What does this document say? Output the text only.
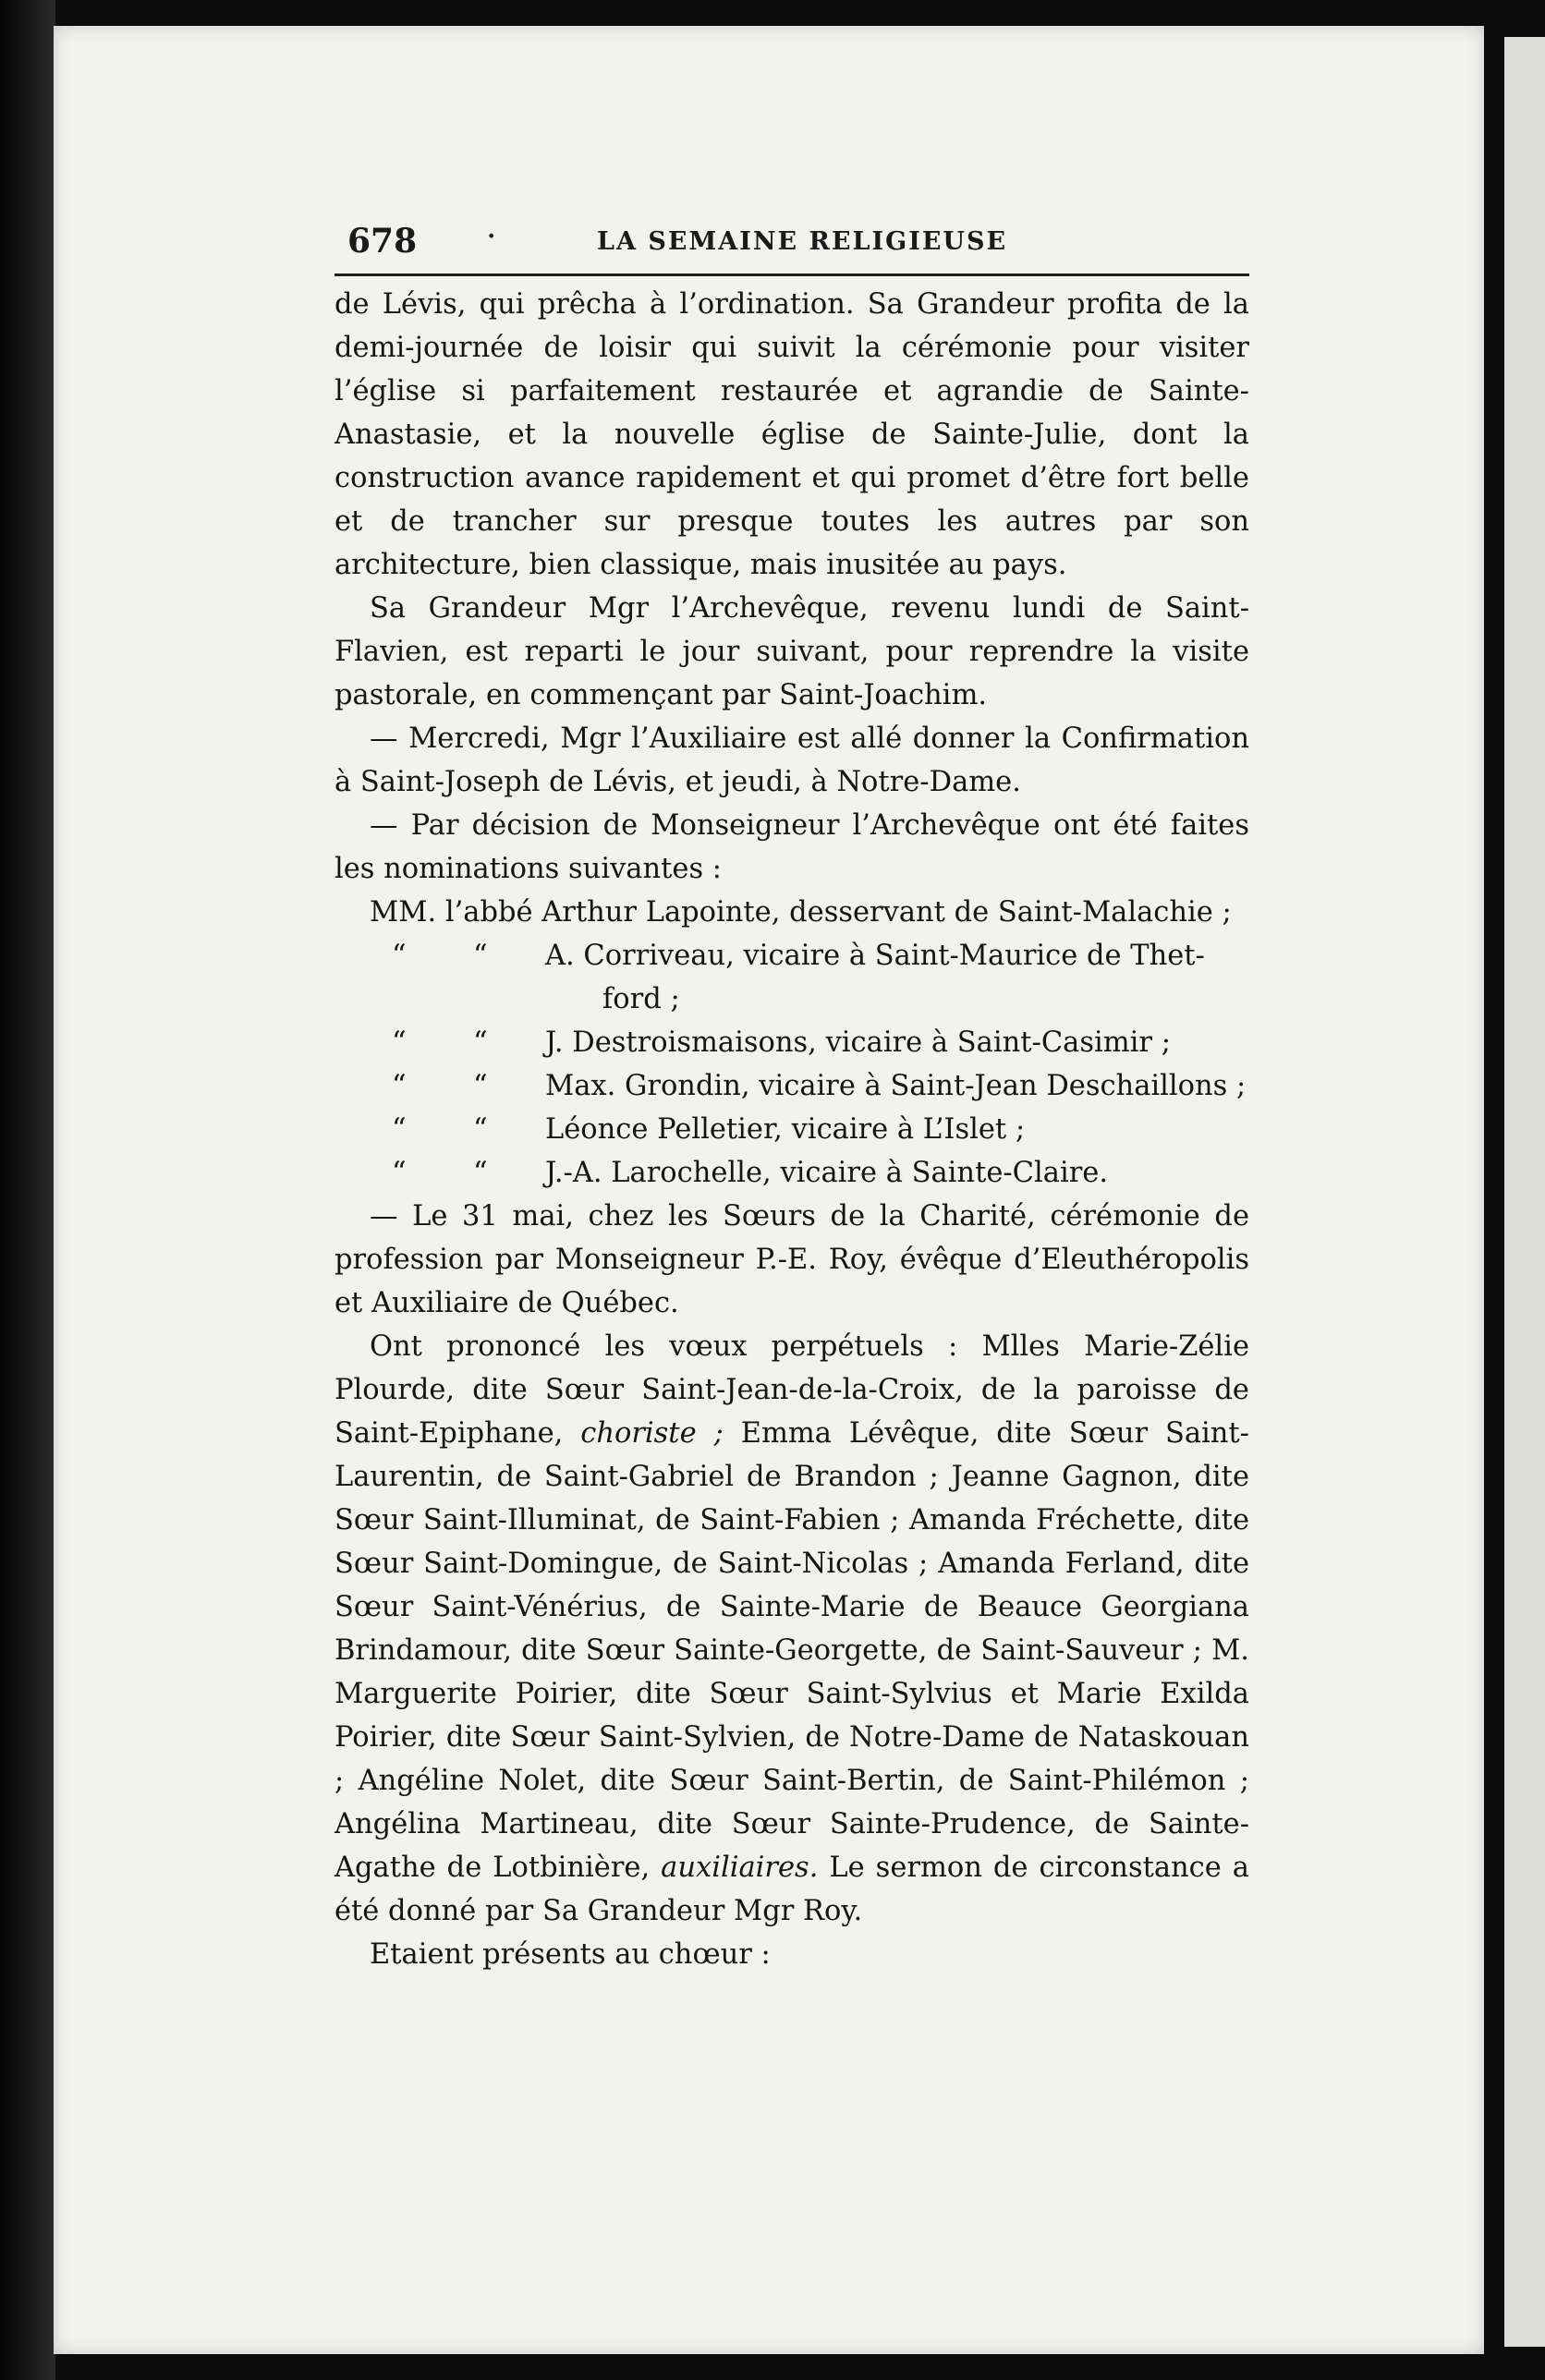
678 ·	LA SEMAINE RELIGIEUSE

de Lévis, qui prêcha à l’ordination. Sa Grandeur profita de la demi-journée de loisir qui suivit la cérémonie pour visiter l’église si parfaitement restaurée et agrandie de Sainte-Anastasie, et la nouvelle église de Sainte-Julie, dont la construction avance rapidement et qui promet d’être fort belle et de trancher sur presque toutes les autres par son architecture, bien classique, mais inusitée au pays.

Sa Grandeur Mgr l’Archevêque, revenu lundi de Saint-Flavien, est reparti le jour suivant, pour reprendre la visite pastorale, en commençant par Saint-Joachim.

— Mercredi, Mgr l’Auxiliaire est allé donner la Confirmation à Saint-Joseph de Lévis, et jeudi, à Notre-Dame.

— Par décision de Monseigneur l’Archevêque ont été faites les nominations suivantes :

MM. l’abbé Arthur Lapointe, desservant de Saint-Malachie ;
“ “ A. Corriveau, vicaire à Saint-Maurice de Thet-
ford ;
“ “ J. Destroismaisons, vicaire à Saint-Casimir ;
“ “ Max. Grondin, vicaire à Saint-Jean Deschaillons ;
“ “ Léonce Pelletier, vicaire à L’Islet ;
“ “ J.-A. Larochelle, vicaire à Sainte-Claire.

— Le 31 mai, chez les Sœurs de la Charité, cérémonie de profession par Monseigneur P.-E. Roy, évêque d’Eleuthéropolis et Auxiliaire de Québec.

Ont prononcé les vœux perpétuels : Mlles Marie-Zélie Plourde, dite Sœur Saint-Jean-de-la-Croix, de la paroisse de Saint-Epiphane, choriste ; Emma Lévêque, dite Sœur Saint-Laurentin, de Saint-Gabriel de Brandon ; Jeanne Gagnon, dite Sœur Saint-Illuminat, de Saint-Fabien ; Amanda Fréchette, dite Sœur Saint-Domingue, de Saint-Nicolas ; Amanda Ferland, dite Sœur Saint-Vénérius, de Sainte-Marie de Beauce Georgiana Brindamour, dite Sœur Sainte-Georgette, de Saint-Sauveur ; M. Marguerite Poirier, dite Sœur Saint-Sylvius et Marie Exilda Poirier, dite Sœur Saint-Sylvien, de Notre-Dame de Nataskouan ; Angéline Nolet, dite Sœur Saint-Bertin, de Saint-Philémon ; Angélina Martineau, dite Sœur Sainte-Prudence, de Sainte-Agathe de Lotbinière, auxiliaires. Le sermon de circonstance a été donné par Sa Grandeur Mgr Roy.

Etaient présents au chœur :
